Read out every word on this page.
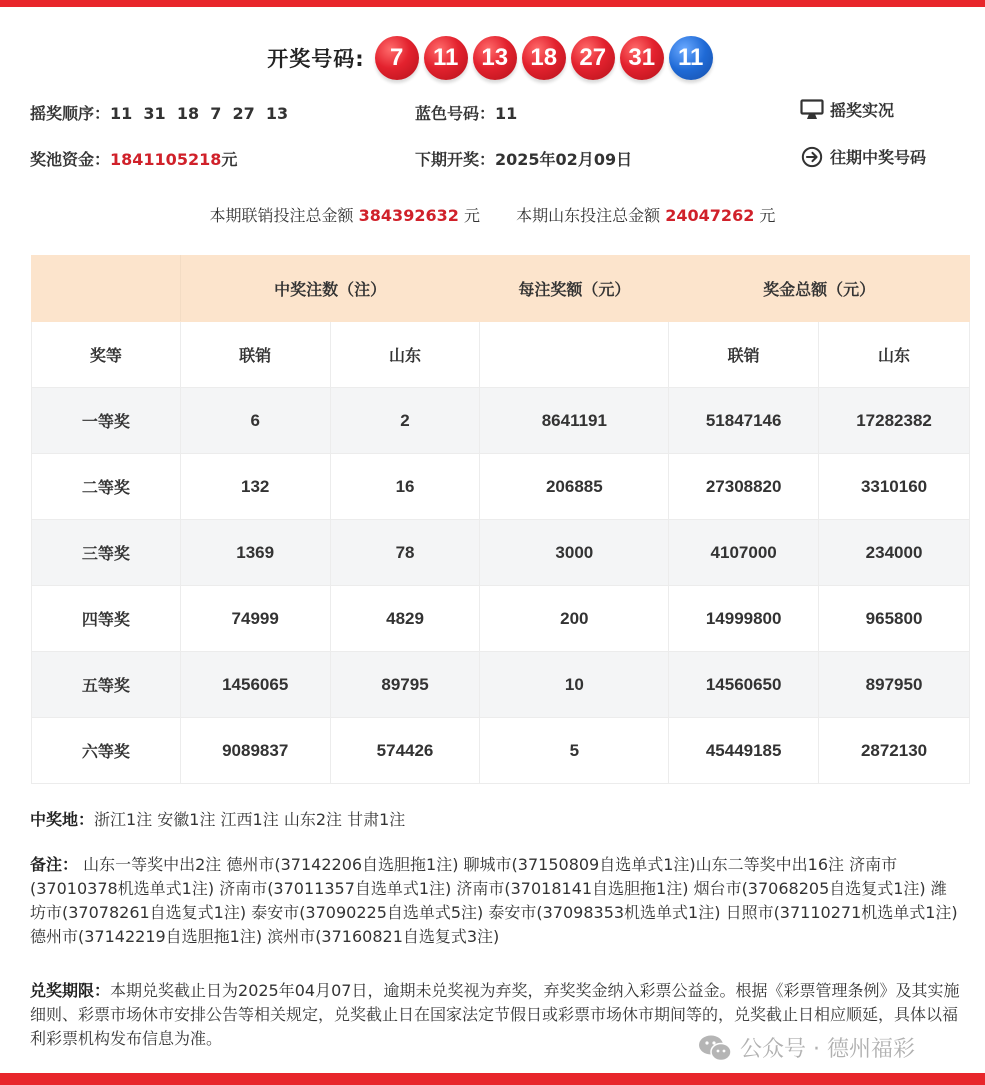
开奖号码:	7	11 13 18 27 31 11
摇奖顺序：11  31  18  7  27  13	蓝色号码：11	摇奖实况
奖池资金：1841105218元	下期开奖：2025年02月09日	往期中奖号码
本期联销投注总金额 384392632 元 本期山东投注总金额 24047262 元
	中奖注数（注）		每注奖额（元）	奖金总额（元）	
奖等	联销	山东		联销	山东
一等奖	6	2	8641191	51847146	17282382
二等奖	132	16	206885	27308820	3310160
三等奖	1369	78	3000	4107000	234000
四等奖	74999	4829	200	14999800	965800
五等奖	1456065	89795	10	14560650	897950
六等奖	9089837	574426	5	45449185	2872130
中奖地：浙江1注 安徽1注 江西1注 山东2注 甘肃1注
备注： 山东一等奖中出2注 德州市(37142206自选胆拖1注) 聊城市(37150809自选单式1注)山东二等奖中出16注 济南市(37010378机选单式1注) 济南市(37011357自选单式1注) 济南市(37018141自选胆拖1注) 烟台市(37068205自选复式1注) 潍坊市(37078261自选复式1注) 泰安市(37090225自选单式5注) 泰安市(37098353机选单式1注) 日照市(37110271机选单式1注) 德州市(37142219自选胆拖1注) 滨州市(37160821自选复式3注)
兑奖期限：本期兑奖截止日为2025年04月07日，逾期未兑奖视为弃奖，弃奖奖金纳入彩票公益金。根据《彩票管理条例》及其实施细则、彩票市场休市安排公告等相关规定，兑奖截止日在国家法定节假日或彩票市场休市期间等的，兑奖截止日相应顺延，具体以福利彩票机构发布信息为准。	公众号 · 德州福彩
